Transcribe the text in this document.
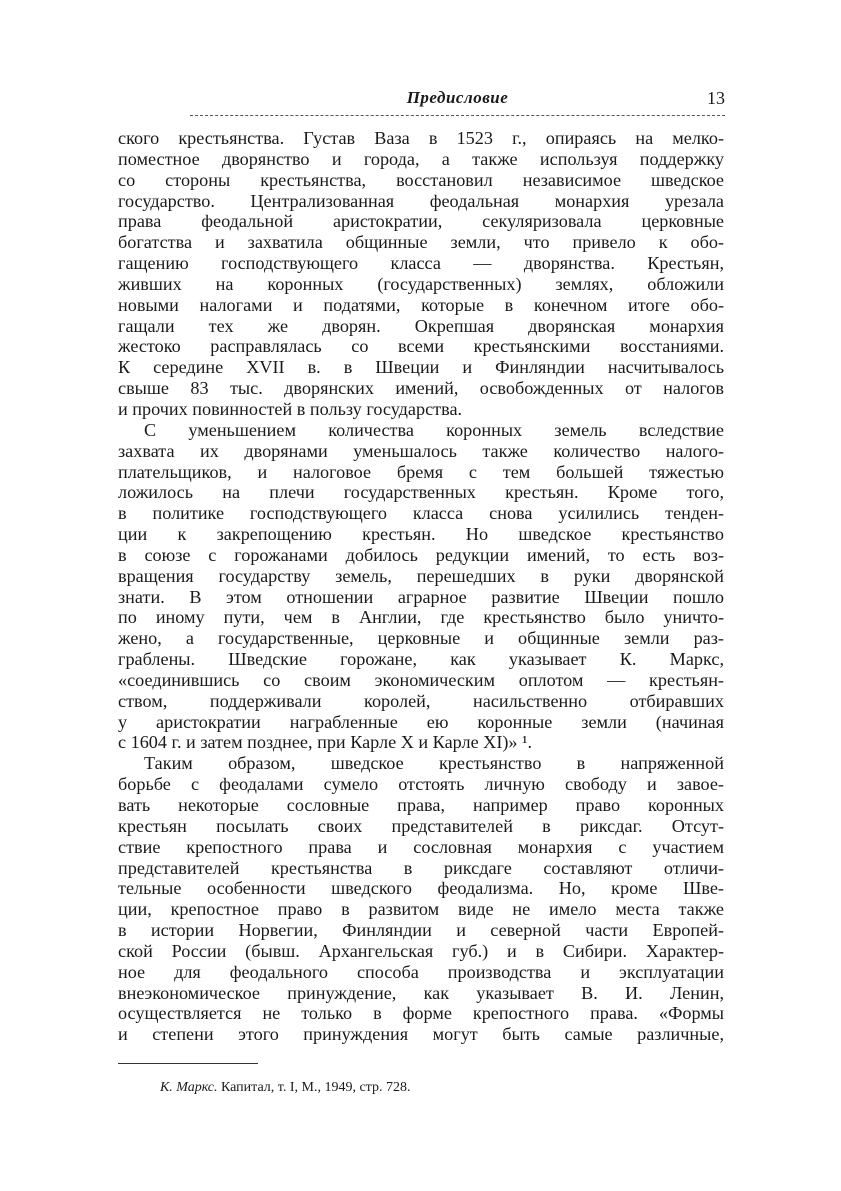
Предисловие	13

ского крестьянства. Густав Ваза в 1523 г., опираясь на мелко-
поместное дворянство и города, а также используя поддержку
со стороны крестьянства, восстановил независимое шведское
государство. Централизованная феодальная монархия урезала
права феодальной аристократии, секуляризовала церковные
богатства и захватила общинные земли, что привело к обо-
гащению господствующего класса — дворянства. Крестьян,
живших на коронных (государственных) землях, обложили
новыми налогами и податями, которые в конечном итоге обо-
гащали тех же дворян. Окрепшая дворянская монархия
жестоко расправлялась со всеми крестьянскими восстаниями.
К середине XVII в. в Швеции и Финляндии насчитывалось
свыше 83 тыс. дворянских имений, освобожденных от налогов
и прочих повинностей в пользу государства.

С уменьшением количества коронных земель вследствие
захвата их дворянами уменьшалось также количество налого-
плательщиков, и налоговое бремя с тем большей тяжестью
ложилось на плечи государственных крестьян. Кроме того,
в политике господствующего класса снова усилились тенден-
ции к закрепощению крестьян. Но шведское крестьянство
в союзе с горожанами добилось редукции имений, то есть воз-
вращения государству земель, перешедших в руки дворянской
знати. В этом отношении аграрное развитие Швеции пошло
по иному пути, чем в Англии, где крестьянство было уничто-
жено, а государственные, церковные и общинные земли раз-
граблены. Шведские горожане, как указывает К. Маркс,
«соединившись со своим экономическим оплотом — крестьян-
ством, поддерживали королей, насильственно отбиравших
у аристократии награбленные ею коронные земли (начиная
с 1604 г. и затем позднее, при Карле X и Карле XI)» ¹.

Таким образом, шведское крестьянство в напряженной
борьбе с феодалами сумело отстоять личную свободу и завое-
вать некоторые сословные права, например право коронных
крестьян посылать своих представителей в риксдаг. Отсут-
ствие крепостного права и сословная монархия с участием
представителей крестьянства в риксдаге составляют отличи-
тельные особенности шведского феодализма. Но, кроме Шве-
ции, крепостное право в развитом виде не имело места также
в истории Норвегии, Финляндии и северной части Европей-
ской России (бывш. Архангельская губ.) и в Сибири. Характер-
ное для феодального способа производства и эксплуатации
внеэкономическое принуждение, как указывает В. И. Ленин,
осуществляется не только в форме крепостного права. «Формы
и степени этого принуждения могут быть самые различные,

К. Маркс. Капитал, т. I, М., 1949, стр. 728.
